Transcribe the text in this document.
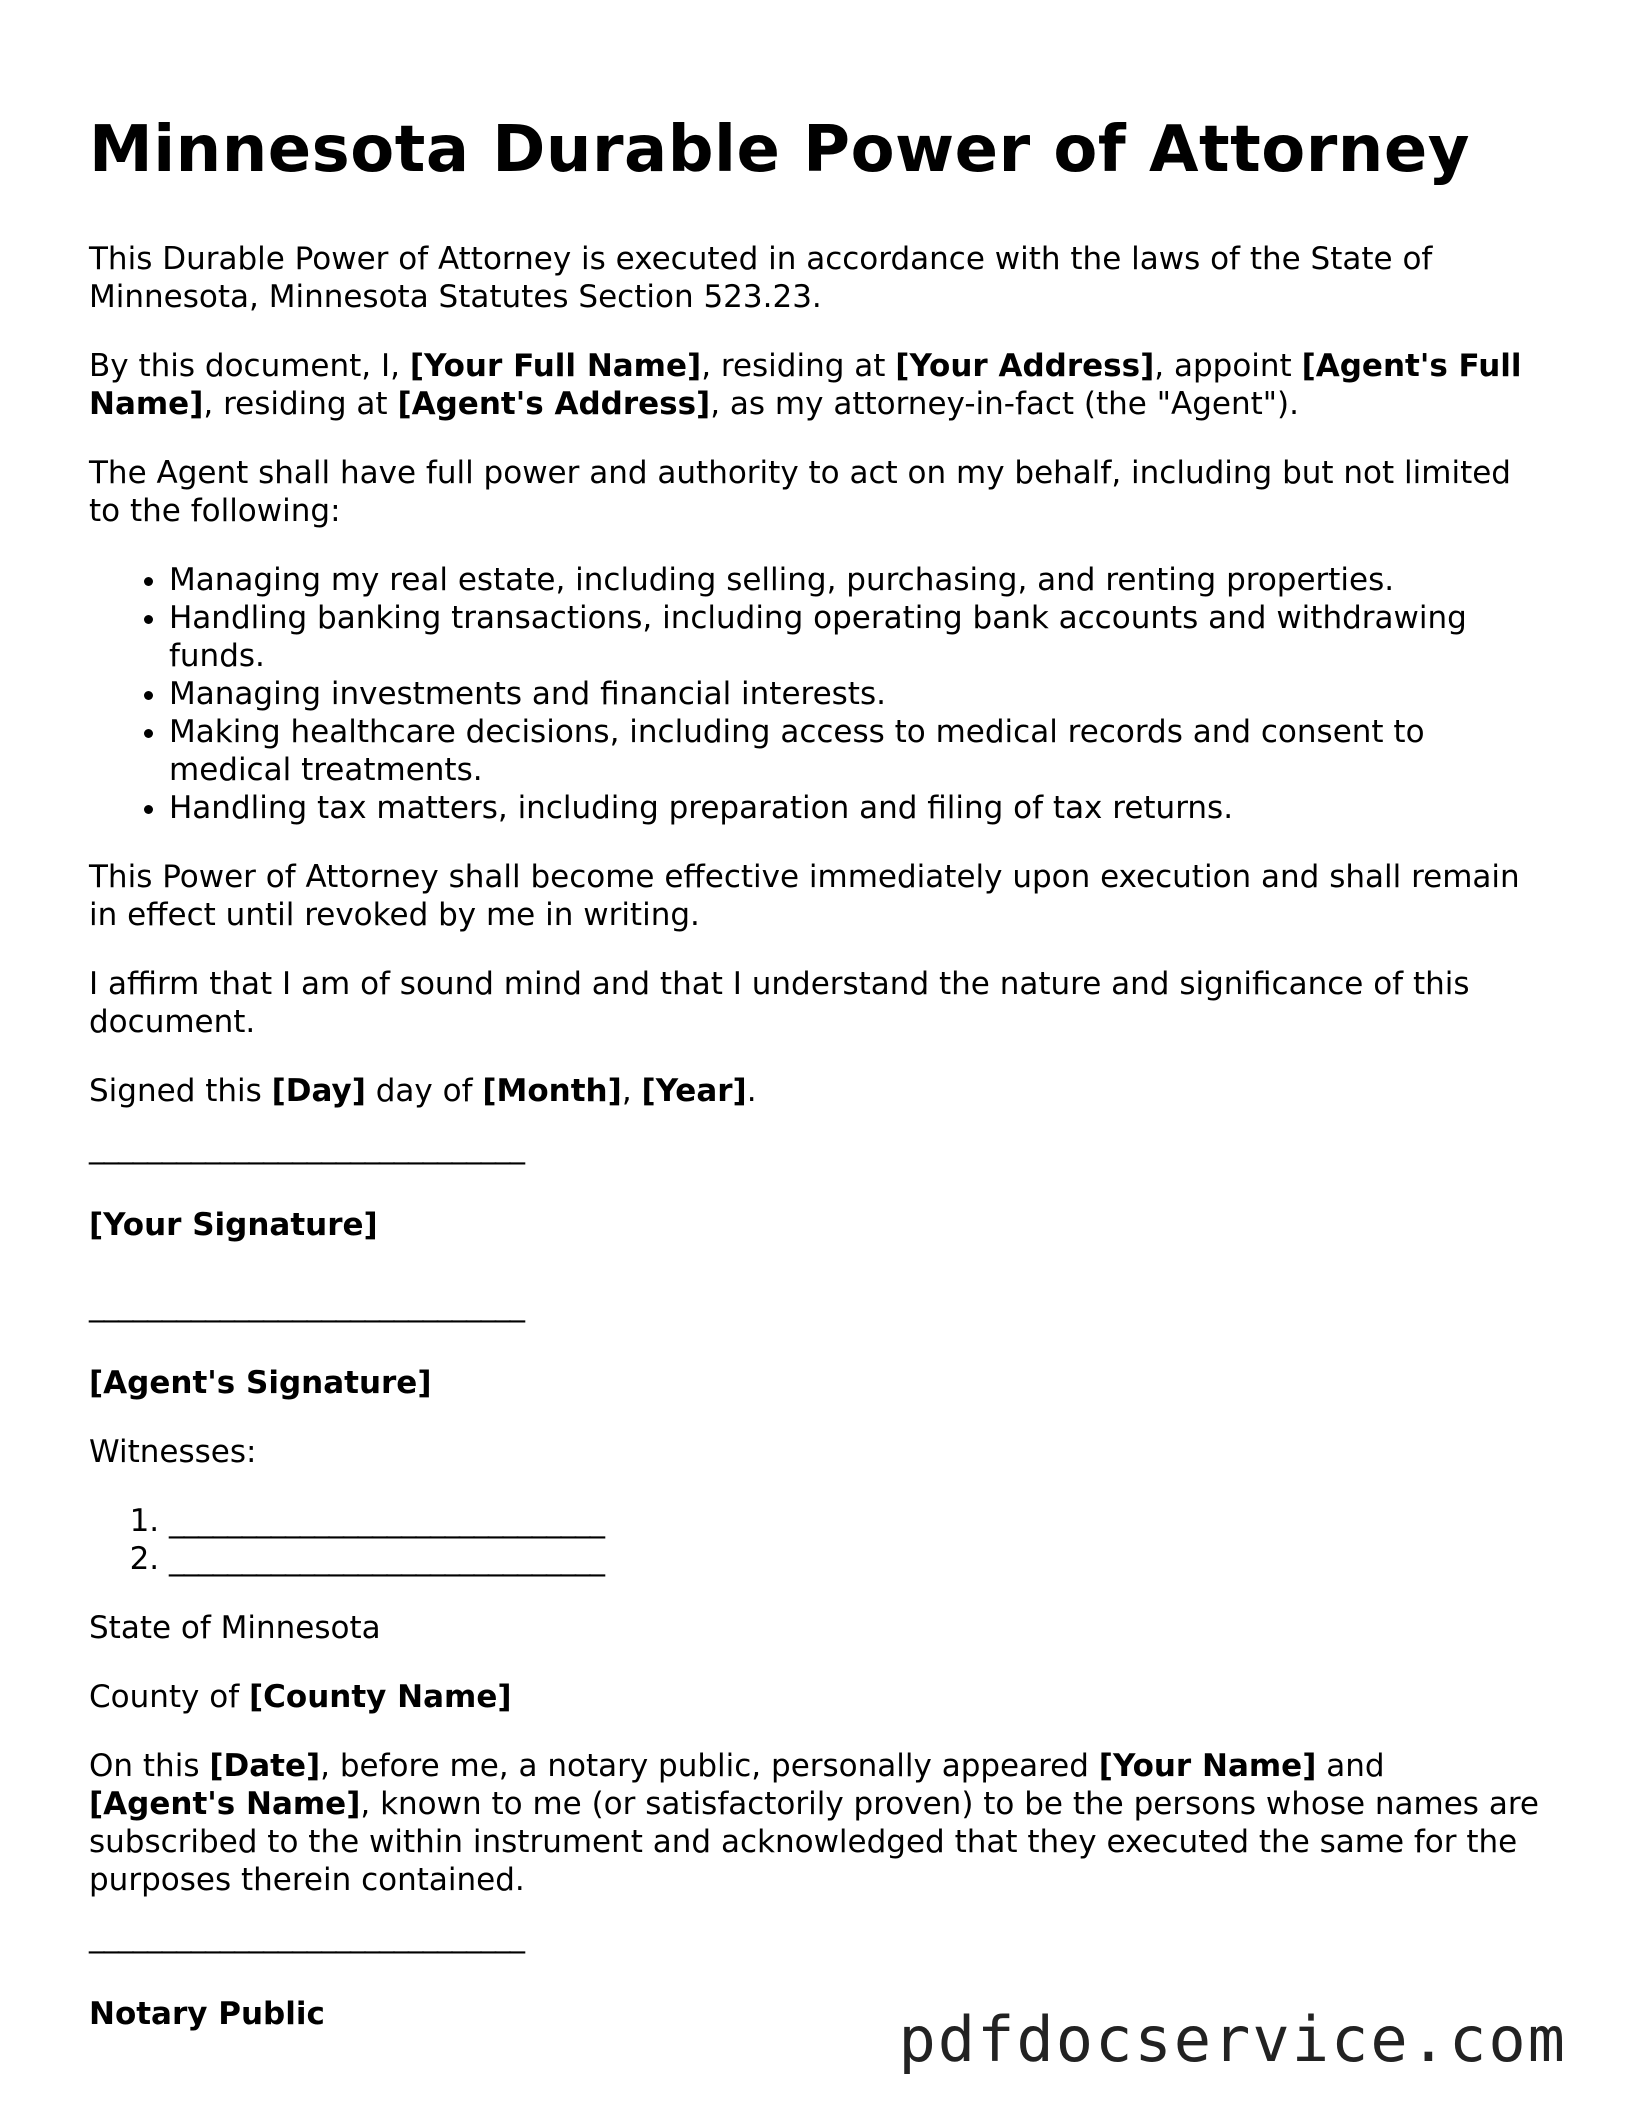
Minnesota Durable Power of Attorney

This Durable Power of Attorney is executed in accordance with the laws of the State of Minnesota, Minnesota Statutes Section 523.23.

By this document, I, [Your Full Name], residing at [Your Address], appoint [Agent's Full Name], residing at [Agent's Address], as my attorney-in-fact (the "Agent").

The Agent shall have full power and authority to act on my behalf, including but not limited to the following:

• Managing my real estate, including selling, purchasing, and renting properties.
• Handling banking transactions, including operating bank accounts and withdrawing funds.
• Managing investments and financial interests.
• Making healthcare decisions, including access to medical records and consent to medical treatments.
• Handling tax matters, including preparation and filing of tax returns.

This Power of Attorney shall become effective immediately upon execution and shall remain in effect until revoked by me in writing.

I affirm that I am of sound mind and that I understand the nature and significance of this document.

Signed this [Day] day of [Month], [Year].

______________________________
[Your Signature]
______________________________
[Agent's Signature]

Witnesses:

1. ______________________________
2. ______________________________

State of Minnesota

County of [County Name]

On this [Date], before me, a notary public, personally appeared [Your Name] and [Agent's Name], known to me (or satisfactorily proven) to be the persons whose names are subscribed to the within instrument and acknowledged that they executed the same for the purposes therein contained.

______________________________
Notary Public	pdfdocservice.com
